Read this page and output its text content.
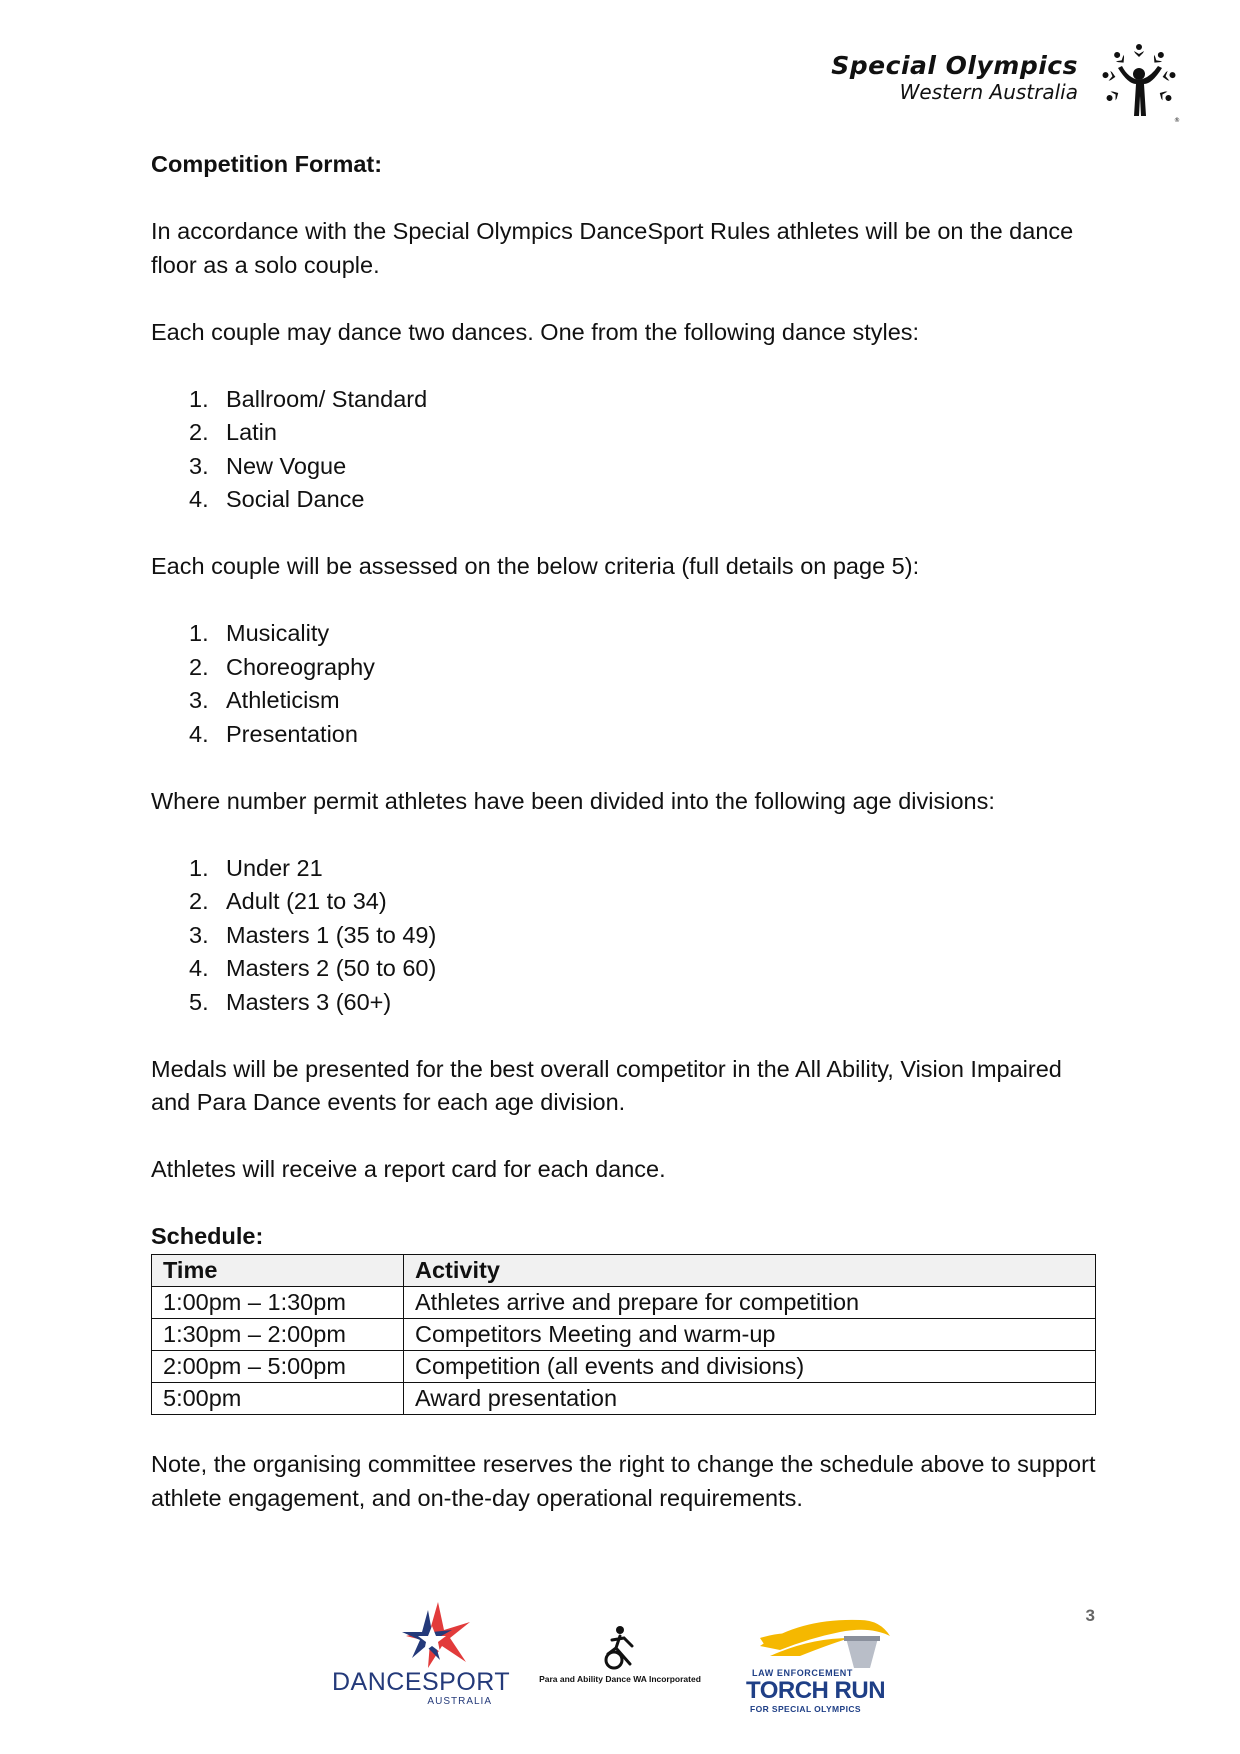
Special Olympics
Western Australia
®

Competition Format:

In accordance with the Special Olympics DanceSport Rules athletes will be on the dance floor as a solo couple.

Each couple may dance two dances. One from the following dance styles:

1. Ballroom/ Standard
2. Latin
3. New Vogue
4. Social Dance

Each couple will be assessed on the below criteria (full details on page 5):

1. Musicality
2. Choreography
3. Athleticism
4. Presentation

Where number permit athletes have been divided into the following age divisions:

1. Under 21
2. Adult (21 to 34)
3. Masters 1 (35 to 49)
4. Masters 2 (50 to 60)
5. Masters 3 (60+)

Medals will be presented for the best overall competitor in the All Ability, Vision Impaired and Para Dance events for each age division.

Athletes will receive a report card for each dance.

Schedule:

Time	Activity
1:00pm – 1:30pm	Athletes arrive and prepare for competition
1:30pm – 2:00pm	Competitors Meeting and warm-up
2:00pm – 5:00pm	Competition (all events and divisions)
5:00pm	Award presentation

Note, the organising committee reserves the right to change the schedule above to support athlete engagement, and on-the-day operational requirements.

3
DANCESPORT
AUSTRALIA
Para and Ability Dance WA Incorporated
LAW ENFORCEMENT
TORCH RUN
FOR SPECIAL OLYMPICS
